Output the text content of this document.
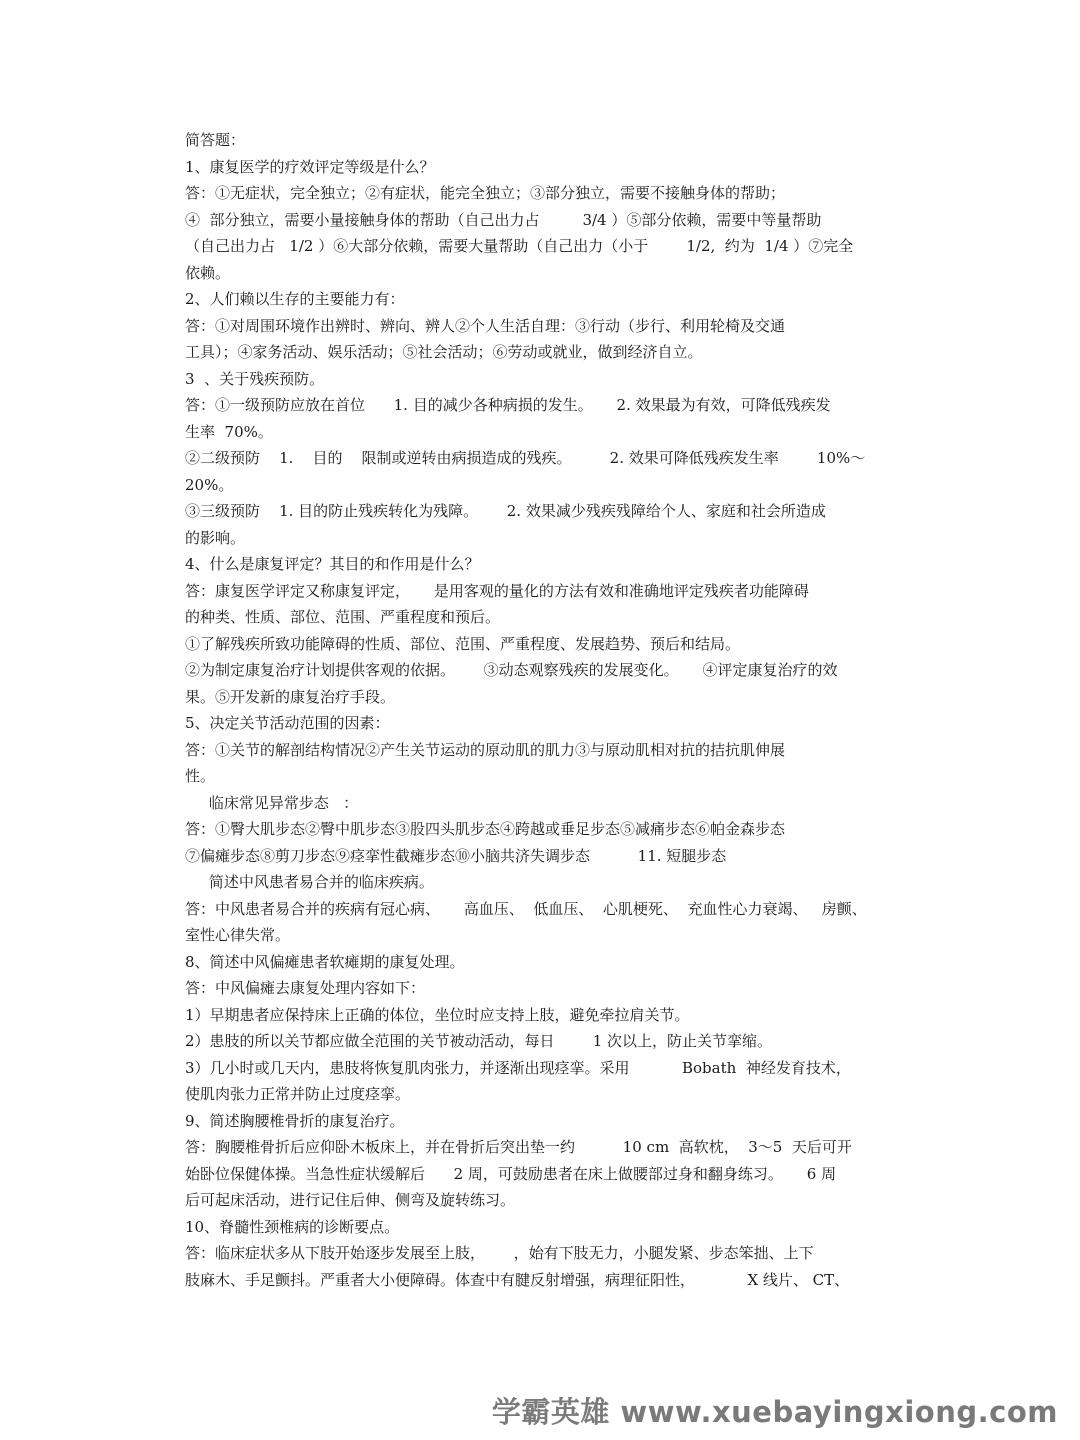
简答题：
1、康复医学的疗效评定等级是什么？
答：①无症状，完全独立；②有症状，能完全独立；③部分独立，需要不接触身体的帮助；
④  部分独立，需要小量接触身体的帮助（自己出力占         3/4 ）⑤部分依赖，需要中等量帮助
（自己出力占   1/2 ）⑥大部分依赖，需要大量帮助（自己出力（小于        1/2,  约为  1/4 ）⑦完全
依赖。
2、人们赖以生存的主要能力有：
答：①对周围环境作出辨时、辨向、辨人②个人生活自理：③行动（步行、利用轮椅及交通
工具）；④家务活动、娱乐活动；⑤社会活动；⑥劳动或就业，做到经济自立。
3  、关于残疾预防。
答：①一级预防应放在首位      1. 目的减少各种病损的发生。     2. 效果最为有效，可降低残疾发
生率  70%。
②二级预防    1.    目的    限制或逆转由病损造成的残疾。        2. 效果可降低残疾发生率        10%～
20%。
③三级预防    1. 目的防止残疾转化为残障。      2. 效果减少残疾残障给个人、家庭和社会所造成
的影响。
4、什么是康复评定？其目的和作用是什么？
答：康复医学评定又称康复评定，     是用客观的量化的方法有效和准确地评定残疾者功能障碍
的种类、性质、部位、范围、严重程度和预后。
①了解残疾所致功能障碍的性质、部位、范围、严重程度、发展趋势、预后和结局。
②为制定康复治疗计划提供客观的依据。      ③动态观察残疾的发展变化。     ④评定康复治疗的效
果。⑤开发新的康复治疗手段。
5、决定关节活动范围的因素：
答：①关节的解剖结构情况②产生关节运动的原动肌的肌力③与原动肌相对抗的拮抗肌伸展
性。
临床常见异常步态   ：
答：①臀大肌步态②臀中肌步态③股四头肌步态④跨越或垂足步态⑤减痛步态⑥帕金森步态
⑦偏瘫步态⑧剪刀步态⑨痉挛性截瘫步态⑩小脑共济失调步态          11. 短腿步态
简述中风患者易合并的临床疾病。
答：中风患者易合并的疾病有冠心病、     高血压、  低血压、  心肌梗死、  充血性心力衰竭、   房颤、
室性心律失常。
8、简述中风偏瘫患者软瘫期的康复处理。
答：中风偏瘫去康复处理内容如下：
1）早期患者应保持床上正确的体位，坐位时应支持上肢，避免牵拉肩关节。
2）患肢的所以关节都应做全范围的关节被动活动，每日        1 次以上，防止关节挛缩。
3）几小时或几天内，患肢将恢复肌肉张力，并逐渐出现痉挛。采用           Bobath  神经发育技术，
使肌肉张力正常并防止过度痉挛。
9、简述胸腰椎骨折的康复治疗。
答：胸腰椎骨折后应仰卧木板床上，并在骨折后突出垫一约          10 cm  高软枕，  3～5  天后可开
始卧位保健体操。当急性症状缓解后      2 周，可鼓励患者在床上做腰部过身和翻身练习。     6 周
后可起床活动，进行记住后伸、侧弯及旋转练习。
10、脊髓性颈椎病的诊断要点。
答：临床症状多从下肢开始逐步发展至上肢，      ，始有下肢无力，小腿发紧、步态笨拙、上下
肢麻木、手足颤抖。严重者大小便障碍。体查中有腱反射增强，病理征阳性，           X 线片、 CT、
学霸英雄 www.xuebayingxiong.com
